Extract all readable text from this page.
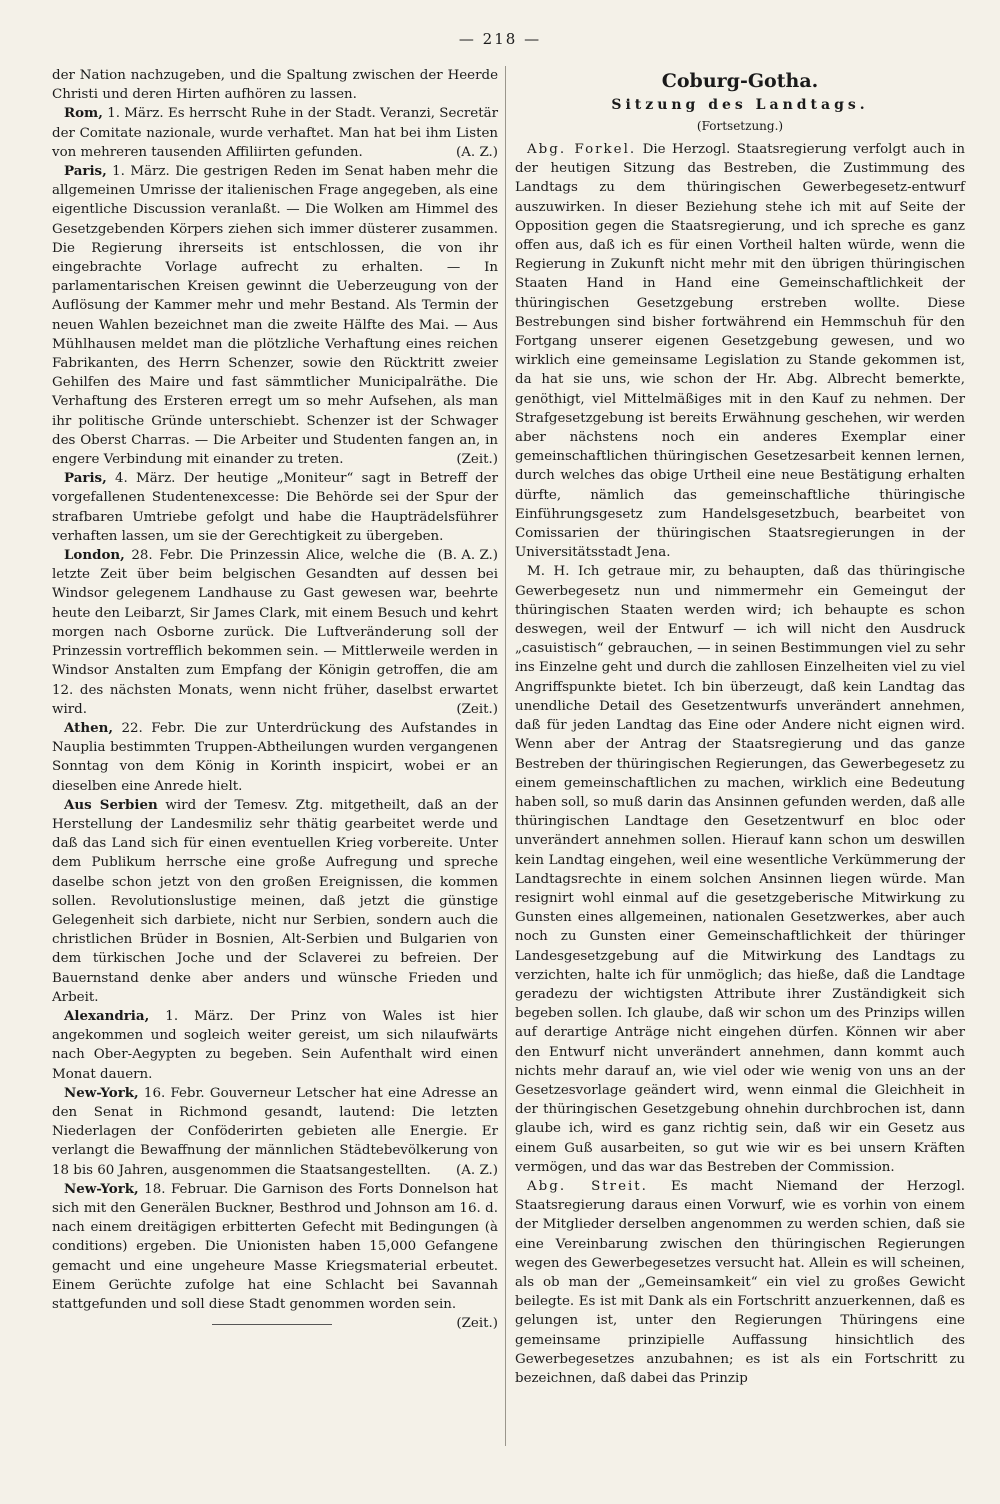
— 218 —

der Nation nachzugeben, und die Spaltung zwischen der Heerde Christi und deren Hirten aufhören zu lassen.

Rom, 1. März. Es herrscht Ruhe in der Stadt. Veranzi, Secretär der Comitate nazionale, wurde verhaftet. Man hat bei ihm Listen von mehreren tausenden Affiliirten gefunden.	(A. Z.)

Paris, 1. März. Die gestrigen Reden im Senat haben mehr die allgemeinen Umrisse der italienischen Frage angegeben, als eine eigentliche Discussion veranlaßt. — Die Wolken am Himmel des Gesetzgebenden Körpers ziehen sich immer düsterer zusammen. Die Regierung ihrerseits ist entschlossen, die von ihr eingebrachte Vorlage aufrecht zu erhalten. — In parlamentarischen Kreisen gewinnt die Ueberzeugung von der Auflösung der Kammer mehr und mehr Bestand. Als Termin der neuen Wahlen bezeichnet man die zweite Hälfte des Mai. — Aus Mühlhausen meldet man die plötzliche Verhaftung eines reichen Fabrikanten, des Herrn Schenzer, sowie den Rücktritt zweier Gehilfen des Maire und fast sämmtlicher Municipalräthe. Die Verhaftung des Ersteren erregt um so mehr Aufsehen, als man ihr politische Gründe unterschiebt. Schenzer ist der Schwager des Oberst Charras. — Die Arbeiter und Studenten fangen an, in engere Verbindung mit einander zu treten.	(Zeit.)

Paris, 4. März. Der heutige „Moniteur“ sagt in Betreff der vorgefallenen Studentenexcesse: Die Behörde sei der Spur der strafbaren Umtriebe gefolgt und habe die Haupträdelsführer verhaften lassen, um sie der Gerechtigkeit zu übergeben.
(B. A. Z.)

London, 28. Febr. Die Prinzessin Alice, welche die letzte Zeit über beim belgischen Gesandten auf dessen bei Windsor gelegenem Landhause zu Gast gewesen war, beehrte heute den Leibarzt, Sir James Clark, mit einem Besuch und kehrt morgen nach Osborne zurück. Die Luftveränderung soll der Prinzessin vortrefflich bekommen sein. — Mittlerweile werden in Windsor Anstalten zum Empfang der Königin getroffen, die am 12. des nächsten Monats, wenn nicht früher, daselbst erwartet wird.	(Zeit.)

Athen, 22. Febr. Die zur Unterdrückung des Aufstandes in Nauplia bestimmten Truppen-Abtheilungen wurden vergangenen Sonntag von dem König in Korinth inspicirt, wobei er an dieselben eine Anrede hielt.

Aus Serbien wird der Temesv. Ztg. mitgetheilt, daß an der Herstellung der Landesmiliz sehr thätig gearbeitet werde und daß das Land sich für einen eventuellen Krieg vorbereite. Unter dem Publikum herrsche eine große Aufregung und spreche daselbe schon jetzt von den großen Ereignissen, die kommen sollen. Revolutionslustige meinen, daß jetzt die günstige Gelegenheit sich darbiete, nicht nur Serbien, sondern auch die christlichen Brüder in Bosnien, Alt-Serbien und Bulgarien von dem türkischen Joche und der Sclaverei zu befreien. Der Bauernstand denke aber anders und wünsche Frieden und Arbeit.

Alexandria, 1. März. Der Prinz von Wales ist hier angekommen und sogleich weiter gereist, um sich nilaufwärts nach Ober-Aegypten zu begeben. Sein Aufenthalt wird einen Monat dauern.

New-York, 16. Febr. Gouverneur Letscher hat eine Adresse an den Senat in Richmond gesandt, lautend: Die letzten Niederlagen der Conföderirten gebieten alle Energie. Er verlangt die Bewaffnung der männlichen Städtebevölkerung von 18 bis 60 Jahren, ausgenommen die Staatsangestellten.	(A. Z.)

New-York, 18. Februar. Die Garnison des Forts Donnelson hat sich mit den Generälen Buckner, Besthrod und Johnson am 16. d. nach einem dreitägigen erbitterten Gefecht mit Bedingungen (à conditions) ergeben. Die Unionisten haben 15,000 Gefangene gemacht und eine ungeheure Masse Kriegsmaterial erbeutet. Einem Gerüchte zufolge hat eine Schlacht bei Savannah stattgefunden und soll diese Stadt genommen worden sein.
(Zeit.)

Coburg-Gotha.
Sitzung des Landtags.
(Fortsetzung.)

Abg. Forkel. Die Herzogl. Staatsregierung verfolgt auch in der heutigen Sitzung das Bestreben, die Zustimmung des Landtags zu dem thüringischen Gewerbegesetz-entwurf auszuwirken. In dieser Beziehung stehe ich mit auf Seite der Opposition gegen die Staatsregierung, und ich spreche es ganz offen aus, daß ich es für einen Vortheil halten würde, wenn die Regierung in Zukunft nicht mehr mit den übrigen thüringischen Staaten Hand in Hand eine Gemeinschaftlichkeit der thüringischen Gesetzgebung erstreben wollte. Diese Bestrebungen sind bisher fortwährend ein Hemmschuh für den Fortgang unserer eigenen Gesetzgebung gewesen, und wo wirklich eine gemeinsame Legislation zu Stande gekommen ist, da hat sie uns, wie schon der Hr. Abg. Albrecht bemerkte, genöthigt, viel Mittelmäßiges mit in den Kauf zu nehmen. Der Strafgesetzgebung ist bereits Erwähnung geschehen, wir werden aber nächstens noch ein anderes Exemplar einer gemeinschaftlichen thüringischen Gesetzesarbeit kennen lernen, durch welches das obige Urtheil eine neue Bestätigung erhalten dürfte, nämlich das gemeinschaftliche thüringische Einführungsgesetz zum Handelsgesetzbuch, bearbeitet von Comissarien der thüringischen Staatsregierungen in der Universitätsstadt Jena.

M. H. Ich getraue mir, zu behaupten, daß das thüringische Gewerbegesetz nun und nimmermehr ein Gemeingut der thüringischen Staaten werden wird; ich behaupte es schon deswegen, weil der Entwurf — ich will nicht den Ausdruck „casuistisch“ gebrauchen, — in seinen Bestimmungen viel zu sehr ins Einzelne geht und durch die zahllosen Einzelheiten viel zu viel Angriffspunkte bietet. Ich bin überzeugt, daß kein Landtag das unendliche Detail des Gesetzentwurfs unverändert annehmen, daß für jeden Landtag das Eine oder Andere nicht eignen wird. Wenn aber der Antrag der Staatsregierung und das ganze Bestreben der thüringischen Regierungen, das Gewerbegesetz zu einem gemeinschaftlichen zu machen, wirklich eine Bedeutung haben soll, so muß darin das Ansinnen gefunden werden, daß alle thüringischen Landtage den Gesetzentwurf en bloc oder unverändert annehmen sollen. Hierauf kann schon um deswillen kein Landtag eingehen, weil eine wesentliche Verkümmerung der Landtagsrechte in einem solchen Ansinnen liegen würde. Man resignirt wohl einmal auf die gesetzgeberische Mitwirkung zu Gunsten eines allgemeinen, nationalen Gesetzwerkes, aber auch noch zu Gunsten einer Gemeinschaftlichkeit der thüringer Landesgesetzgebung auf die Mitwirkung des Landtags zu verzichten, halte ich für unmöglich; das hieße, daß die Landtage geradezu der wichtigsten Attribute ihrer Zuständigkeit sich begeben sollen. Ich glaube, daß wir schon um des Prinzips willen auf derartige Anträge nicht eingehen dürfen. Können wir aber den Entwurf nicht unverändert annehmen, dann kommt auch nichts mehr darauf an, wie viel oder wie wenig von uns an der Gesetzesvorlage geändert wird, wenn einmal die Gleichheit in der thüringischen Gesetzgebung ohnehin durchbrochen ist, dann glaube ich, wird es ganz richtig sein, daß wir ein Gesetz aus einem Guß ausarbeiten, so gut wie wir es bei unsern Kräften vermögen, und das war das Bestreben der Commission.

Abg. Streit. Es macht Niemand der Herzogl. Staatsregierung daraus einen Vorwurf, wie es vorhin von einem der Mitglieder derselben angenommen zu werden schien, daß sie eine Vereinbarung zwischen den thüringischen Regierungen wegen des Gewerbegesetzes versucht hat. Allein es will scheinen, als ob man der „Gemeinsamkeit“ ein viel zu großes Gewicht beilegte. Es ist mit Dank als ein Fortschritt anzuerkennen, daß es gelungen ist, unter den Regierungen Thüringens eine gemeinsame prinzipielle Auffassung hinsichtlich des Gewerbegesetzes anzubahnen; es ist als ein Fortschritt zu bezeichnen, daß dabei das Prinzip
